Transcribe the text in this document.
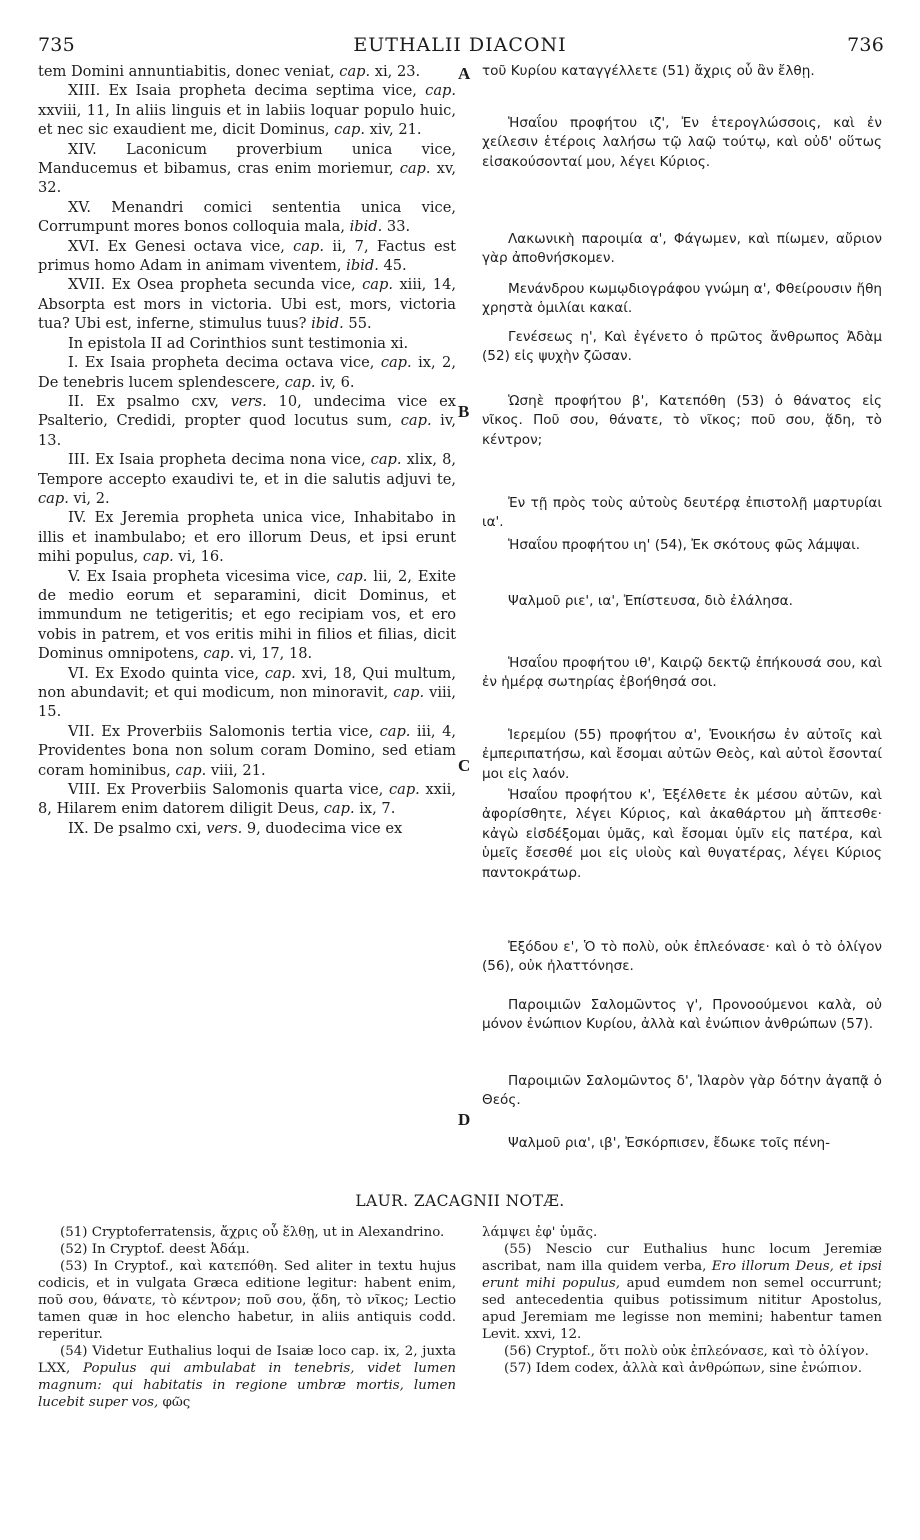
735	EUTHALII DIACONI	736

tem Domini annuntiabitis, donec veniat, cap. xi, 23.

XIII. Ex Isaia propheta decima septima vice, cap. xxviii, 11, In aliis linguis et in labiis loquar populo huic, et nec sic exaudient me, dicit Dominus, cap. xiv, 21.

XIV. Laconicum proverbium unica vice, Manducemus et bibamus, cras enim moriemur, cap. xv, 32.

XV. Menandri comici sententia unica vice, Corrumpunt mores bonos colloquia mala, ibid. 33.

XVI. Ex Genesi octava vice, cap. ii, 7, Factus est primus homo Adam in animam viventem, ibid. 45.

XVII. Ex Osea propheta secunda vice, cap. xiii, 14, Absorpta est mors in victoria. Ubi est, mors, victoria tua? Ubi est, inferne, stimulus tuus? ibid. 55.

In epistola II ad Corinthios sunt testimonia xi.

I. Ex Isaia propheta decima octava vice, cap. ix, 2, De tenebris lucem splendescere, cap. iv, 6.

II. Ex psalmo cxv, vers. 10, undecima vice ex Psalterio, Credidi, propter quod locutus sum, cap. iv, 13.

III. Ex Isaia propheta decima nona vice, cap. xlix, 8, Tempore accepto exaudivi te, et in die salutis adjuvi te, cap. vi, 2.

IV. Ex Jeremia propheta unica vice, Inhabitabo in illis et inambulabo; et ero illorum Deus, et ipsi erunt mihi populus, cap. vi, 16.

V. Ex Isaia propheta vicesima vice, cap. lii, 2, Exite de medio eorum et separamini, dicit Dominus, et immundum ne tetigeritis; et ego recipiam vos, et ero vobis in patrem, et vos eritis mihi in filios et filias, dicit Dominus omnipotens, cap. vi, 17, 18.

VI. Ex Exodo quinta vice, cap. xvi, 18, Qui multum, non abundavit; et qui modicum, non minoravit, cap. viii, 15.

VII. Ex Proverbiis Salomonis tertia vice, cap. iii, 4, Providentes bona non solum coram Domino, sed etiam coram hominibus, cap. viii, 21.

VIII. Ex Proverbiis Salomonis quarta vice, cap. xxii, 8, Hilarem enim datorem diligit Deus, cap. ix, 7.

IX. De psalmo cxi, vers. 9, duodecima vice ex

τοῦ Κυρίου καταγγέλλετε (51) ἄχρις οὗ ἂν ἔλθῃ.

Ἡσαΐου προφήτου ιζ', Ἐν ἑτερογλώσσοις, καὶ ἐν χείλεσιν ἑτέροις λαλήσω τῷ λαῷ τούτῳ, καὶ οὐδ' οὕτως εἰσακούσονταί μου, λέγει Κύριος.

Λακωνικὴ παροιμία α', Φάγωμεν, καὶ πίωμεν, αὔριον γὰρ ἀποθνήσκομεν.

Μενάνδρου κωμῳδιογράφου γνώμη α', Φθείρουσιν ἤθη χρηστὰ ὁμιλίαι κακαί.

Γενέσεως η', Καὶ ἐγένετο ὁ πρῶτος ἄνθρωπος Ἀδὰμ (52) εἰς ψυχὴν ζῶσαν.

Ὡσηὲ προφήτου β', Κατεπόθη (53) ὁ θάνατος εἰς νῖκος. Ποῦ σου, θάνατε, τὸ νῖκος; ποῦ σου, ᾅδη, τὸ κέντρον;

Ἐν τῇ πρὸς τοὺς αὐτοὺς δευτέρᾳ ἐπιστολῇ μαρτυρίαι ια'.

Ἡσαΐου προφήτου ιη' (54), Ἐκ σκότους φῶς λάμψαι.

Ψαλμοῦ ριε', ια', Ἐπίστευσα, διὸ ἐλάλησα.

Ἡσαΐου προφήτου ιθ', Καιρῷ δεκτῷ ἐπήκουσά σου, καὶ ἐν ἡμέρᾳ σωτηρίας ἐβοήθησά σοι.

Ἱερεμίου (55) προφήτου α', Ἐνοικήσω ἐν αὐτοῖς καὶ ἐμπεριπατήσω, καὶ ἔσομαι αὐτῶν Θεὸς, καὶ αὐτοὶ ἔσονταί μοι εἰς λαόν.

Ἡσαΐου προφήτου κ', Ἐξέλθετε ἐκ μέσου αὐτῶν, καὶ ἀφορίσθητε, λέγει Κύριος, καὶ ἀκαθάρτου μὴ ἅπτεσθε· κἀγὼ εἰσδέξομαι ὑμᾶς, καὶ ἔσομαι ὑμῖν εἰς πατέρα, καὶ ὑμεῖς ἔσεσθέ μοι εἰς υἱοὺς καὶ θυγατέρας, λέγει Κύριος παντοκράτωρ.

Ἐξόδου ε', Ὁ τὸ πολὺ, οὐκ ἐπλεόνασε· καὶ ὁ τὸ ὀλίγον (56), οὐκ ἠλαττόνησε.

Παροιμιῶν Σαλομῶντος γ', Προνοούμενοι καλὰ, οὐ μόνον ἐνώπιον Κυρίου, ἀλλὰ καὶ ἐνώπιον ἀνθρώπων (57).

Παροιμιῶν Σαλομῶντος δ', Ἱλαρὸν γὰρ δότην ἀγαπᾷ ὁ Θεός.

Ψαλμοῦ ρια', ιβ', Ἐσκόρπισεν, ἔδωκε τοῖς πένη-

A
B
C
D
LAUR. ZACAGNII NOTÆ.

(51) Cryptoferratensis, ἄχρις οὗ ἔλθῃ, ut in Alexandrino.

(52) In Cryptof. deest Ἀδάμ.

(53) In Cryptof., καὶ κατεπόθη. Sed aliter in textu hujus codicis, et in vulgata Græca editione legitur: habent enim, ποῦ σου, θάνατε, τὸ κέντρον; ποῦ σου, ᾅδη, τὸ νῖκος; Lectio tamen quæ in hoc elencho habetur, in aliis antiquis codd. reperitur.

(54) Videtur Euthalius loqui de Isaiæ loco cap. ix, 2, juxta LXX, Populus qui ambulabat in tenebris, videt lumen magnum: qui habitatis in regione umbræ mortis, lumen lucebit super vos, φῶς

λάμψει ἐφ' ὑμᾶς.

(55) Nescio cur Euthalius hunc locum Jeremiæ ascribat, nam illa quidem verba, Ero illorum Deus, et ipsi erunt mihi populus, apud eumdem non semel occurrunt; sed antecedentia quibus potissimum nititur Apostolus, apud Jeremiam me legisse non memini; habentur tamen Levit. xxvi, 12.

(56) Cryptof., ὅτι πολὺ οὐκ ἐπλεόνασε, καὶ τὸ ὀλίγον.

(57) Idem codex, ἀλλὰ καὶ ἀνθρώπων, sine ἐνώπιον.
